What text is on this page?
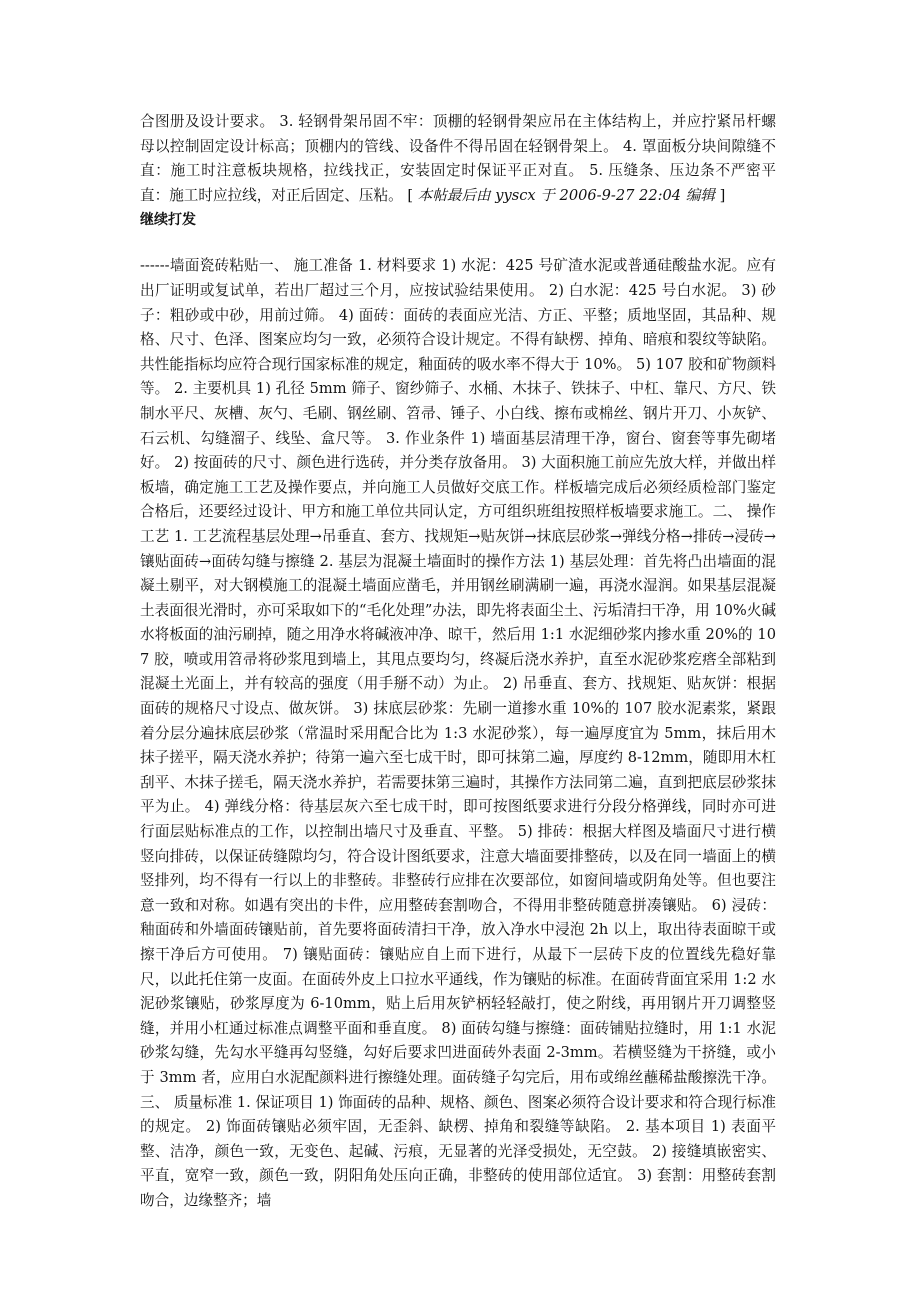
合图册及设计要求。 3. 轻钢骨架吊固不牢：顶棚的轻钢骨架应吊在主体结构上，并应拧紧吊杆螺母以控制固定设计标高；顶棚内的管线、设备件不得吊固在轻钢骨架上。 4. 罩面板分块间隙缝不直：施工时注意板块规格，拉线找正，安装固定时保证平正对直。 5. 压缝条、压边条不严密平直：施工时应拉线，对正后固定、压粘。 [ 本帖最后由 yyscx 于 2006-9-27 22:04 编辑 ]

继续打发

------墙面瓷砖粘贴一、 施工准备 1. 材料要求 1) 水泥：425 号矿渣水泥或普通硅酸盐水泥。应有出厂证明或复试单，若出厂超过三个月，应按试验结果使用。 2) 白水泥：425 号白水泥。 3) 砂子：粗砂或中砂，用前过筛。 4) 面砖：面砖的表面应光洁、方正、平整；质地坚固，其品种、规格、尺寸、色泽、图案应均匀一致，必须符合设计规定。不得有缺楞、掉角、暗痕和裂纹等缺陷。共性能指标均应符合现行国家标准的规定，釉面砖的吸水率不得大于 10%。 5) 107 胶和矿物颜料等。 2. 主要机具 1) 孔径 5mm 筛子、窗纱筛子、水桶、木抹子、铁抹子、中杠、靠尺、方尺、铁制水平尺、灰槽、灰勺、毛刷、钢丝刷、笤帚、锤子、小白线、擦布或棉丝、钢片开刀、小灰铲、石云机、勾缝溜子、线坠、盒尺等。 3. 作业条件 1) 墙面基层清理干净，窗台、窗套等事先砌堵好。 2) 按面砖的尺寸、颜色进行选砖，并分类存放备用。 3) 大面积施工前应先放大样，并做出样板墙，确定施工工艺及操作要点，并向施工人员做好交底工作。样板墙完成后必须经质检部门鉴定合格后，还要经过设计、甲方和施工单位共同认定，方可组织班组按照样板墙要求施工。二、 操作工艺 1. 工艺流程基层处理→吊垂直、套方、找规矩→贴灰饼→抹底层砂浆→弹线分格→排砖→浸砖→镶贴面砖→面砖勾缝与擦缝 2. 基层为混凝土墙面时的操作方法 1) 基层处理：首先将凸出墙面的混凝土剔平，对大钢模施工的混凝土墙面应凿毛，并用钢丝刷满刷一遍，再浇水湿润。如果基层混凝土表面很光滑时，亦可采取如下的“毛化处理”办法，即先将表面尘土、污垢清扫干净，用 10%火碱水将板面的油污刷掉，随之用净水将碱液冲净、晾干，然后用 1:1 水泥细砂浆内掺水重 20%的 107 胶，喷或用笤帚将砂浆甩到墙上，其甩点要均匀，终凝后浇水养护，直至水泥砂浆疙瘩全部粘到混凝土光面上，并有较高的强度（用手掰不动）为止。 2) 吊垂直、套方、找规矩、贴灰饼：根据面砖的规格尺寸设点、做灰饼。 3) 抹底层砂浆：先刷一道掺水重 10%的 107 胶水泥素浆，紧跟着分层分遍抹底层砂浆（常温时采用配合比为 1:3 水泥砂浆），每一遍厚度宜为 5mm，抹后用木抹子搓平，隔天浇水养护；待第一遍六至七成干时，即可抹第二遍，厚度约 8-12mm，随即用木杠刮平、木抹子搓毛，隔天浇水养护，若需要抹第三遍时，其操作方法同第二遍，直到把底层砂浆抹平为止。 4) 弹线分格：待基层灰六至七成干时，即可按图纸要求进行分段分格弹线，同时亦可进行面层贴标准点的工作，以控制出墙尺寸及垂直、平整。 5) 排砖：根据大样图及墙面尺寸进行横竖向排砖，以保证砖缝隙均匀，符合设计图纸要求，注意大墙面要排整砖，以及在同一墙面上的横竖排列，均不得有一行以上的非整砖。非整砖行应排在次要部位，如窗间墙或阴角处等。但也要注意一致和对称。如遇有突出的卡件，应用整砖套割吻合，不得用非整砖随意拼凑镶贴。 6) 浸砖：釉面砖和外墙面砖镶贴前，首先要将面砖清扫干净，放入净水中浸泡 2h 以上，取出待表面晾干或擦干净后方可使用。 7) 镶贴面砖：镶贴应自上而下进行，从最下一层砖下皮的位置线先稳好靠尺，以此托住第一皮面。在面砖外皮上口拉水平通线，作为镶贴的标准。在面砖背面宜采用 1:2 水泥砂浆镶贴，砂浆厚度为 6-10mm，贴上后用灰铲柄轻轻敲打，使之附线，再用钢片开刀调整竖缝，并用小杠通过标准点调整平面和垂直度。 8) 面砖勾缝与擦缝：面砖铺贴拉缝时，用 1:1 水泥砂浆勾缝，先勾水平缝再勾竖缝，勾好后要求凹进面砖外表面 2-3mm。若横竖缝为干挤缝，或小于 3mm 者，应用白水泥配颜料进行擦缝处理。面砖缝子勾完后，用布或绵丝蘸稀盐酸擦洗干净。三、 质量标准 1. 保证项目 1) 饰面砖的品种、规格、颜色、图案必须符合设计要求和符合现行标准的规定。 2) 饰面砖镶贴必须牢固，无歪斜、缺楞、掉角和裂缝等缺陷。 2. 基本项目 1) 表面平整、洁净，颜色一致，无变色、起碱、污痕，无显著的光泽受损处，无空鼓。 2) 接缝填嵌密实、平直，宽窄一致，颜色一致，阴阳角处压向正确，非整砖的使用部位适宜。 3) 套割：用整砖套割吻合，边缘整齐；墙
